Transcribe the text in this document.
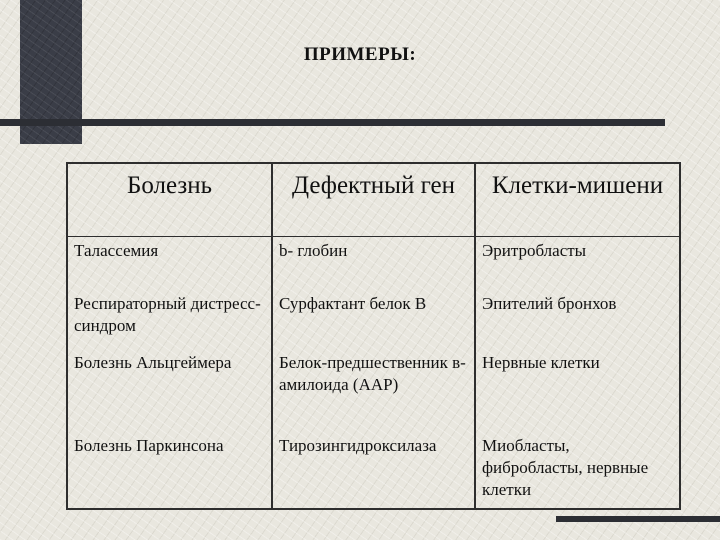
ПРИМЕРЫ:
Болезнь	Дефектный ген	Клетки-мишени
Талассемия	b- глобин	Эритробласты
Респираторный дистресс-синдром	Сурфактант белок В	Эпителий бронхов
Болезнь Альцгеймера	Белок-предшественник в-амилоида (ААР)	Нервные клетки
Болезнь Паркинсона	Тирозингидроксилаза	Миобласты, фибробласты, нервные клетки
